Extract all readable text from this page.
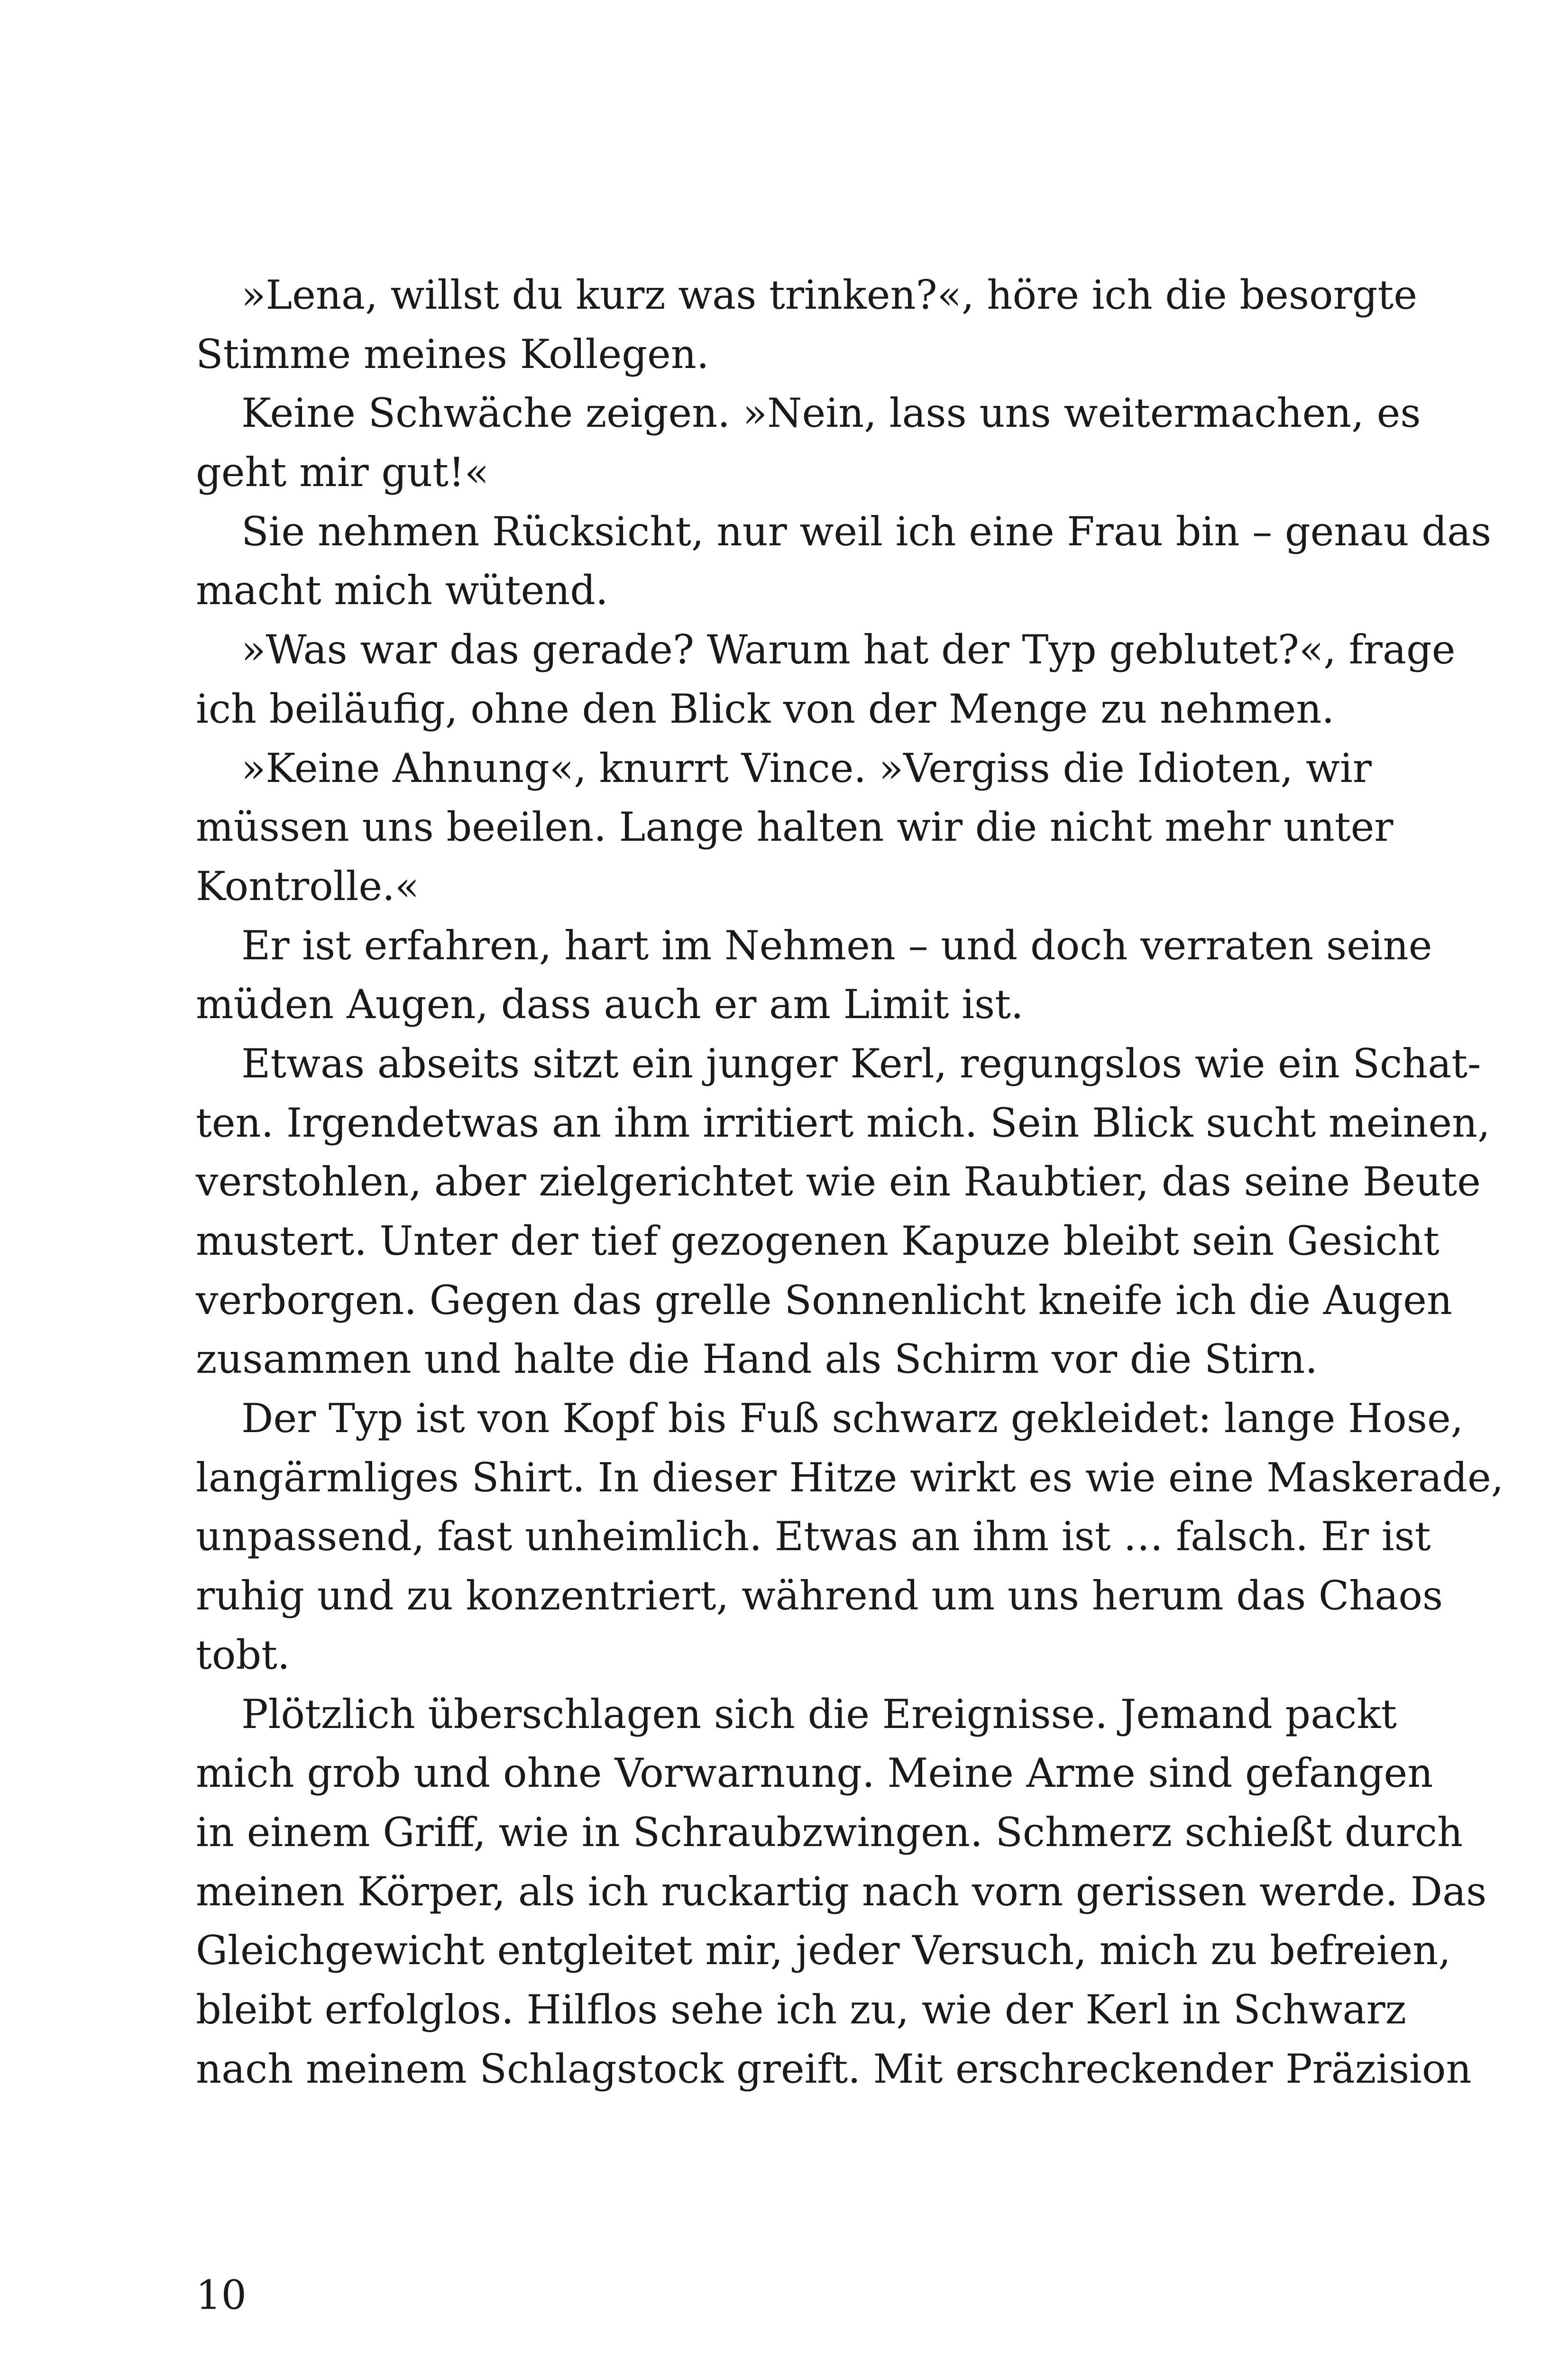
»Lena, willst du kurz was trinken?«, höre ich die besorgte
Stimme meines Kollegen.

Keine Schwäche zeigen. »Nein, lass uns weitermachen, es
geht mir gut!«

Sie nehmen Rücksicht, nur weil ich eine Frau bin – genau das
macht mich wütend.

»Was war das gerade? Warum hat der Typ geblutet?«, frage
ich beiläufig, ohne den Blick von der Menge zu nehmen.

»Keine Ahnung«, knurrt Vince. »Vergiss die Idioten, wir
müssen uns beeilen. Lange halten wir die nicht mehr unter
Kontrolle.«

Er ist erfahren, hart im Nehmen – und doch verraten seine
müden Augen, dass auch er am Limit ist.

Etwas abseits sitzt ein junger Kerl, regungslos wie ein Schat-
ten. Irgendetwas an ihm irritiert mich. Sein Blick sucht meinen,
verstohlen, aber zielgerichtet wie ein Raubtier, das seine Beute
mustert. Unter der tief gezogenen Kapuze bleibt sein Gesicht
verborgen. Gegen das grelle Sonnenlicht kneife ich die Augen
zusammen und halte die Hand als Schirm vor die Stirn.

Der Typ ist von Kopf bis Fuß schwarz gekleidet: lange Hose,
langärmliges Shirt. In dieser Hitze wirkt es wie eine Maskerade,
unpassend, fast unheimlich. Etwas an ihm ist … falsch. Er ist
ruhig und zu konzentriert, während um uns herum das Chaos
tobt.

Plötzlich überschlagen sich die Ereignisse. Jemand packt
mich grob und ohne Vorwarnung. Meine Arme sind gefangen
in einem Griff, wie in Schraubzwingen. Schmerz schießt durch
meinen Körper, als ich ruckartig nach vorn gerissen werde. Das
Gleichgewicht entgleitet mir, jeder Versuch, mich zu befreien,
bleibt erfolglos. Hilflos sehe ich zu, wie der Kerl in Schwarz
nach meinem Schlagstock greift. Mit erschreckender Präzision

10
